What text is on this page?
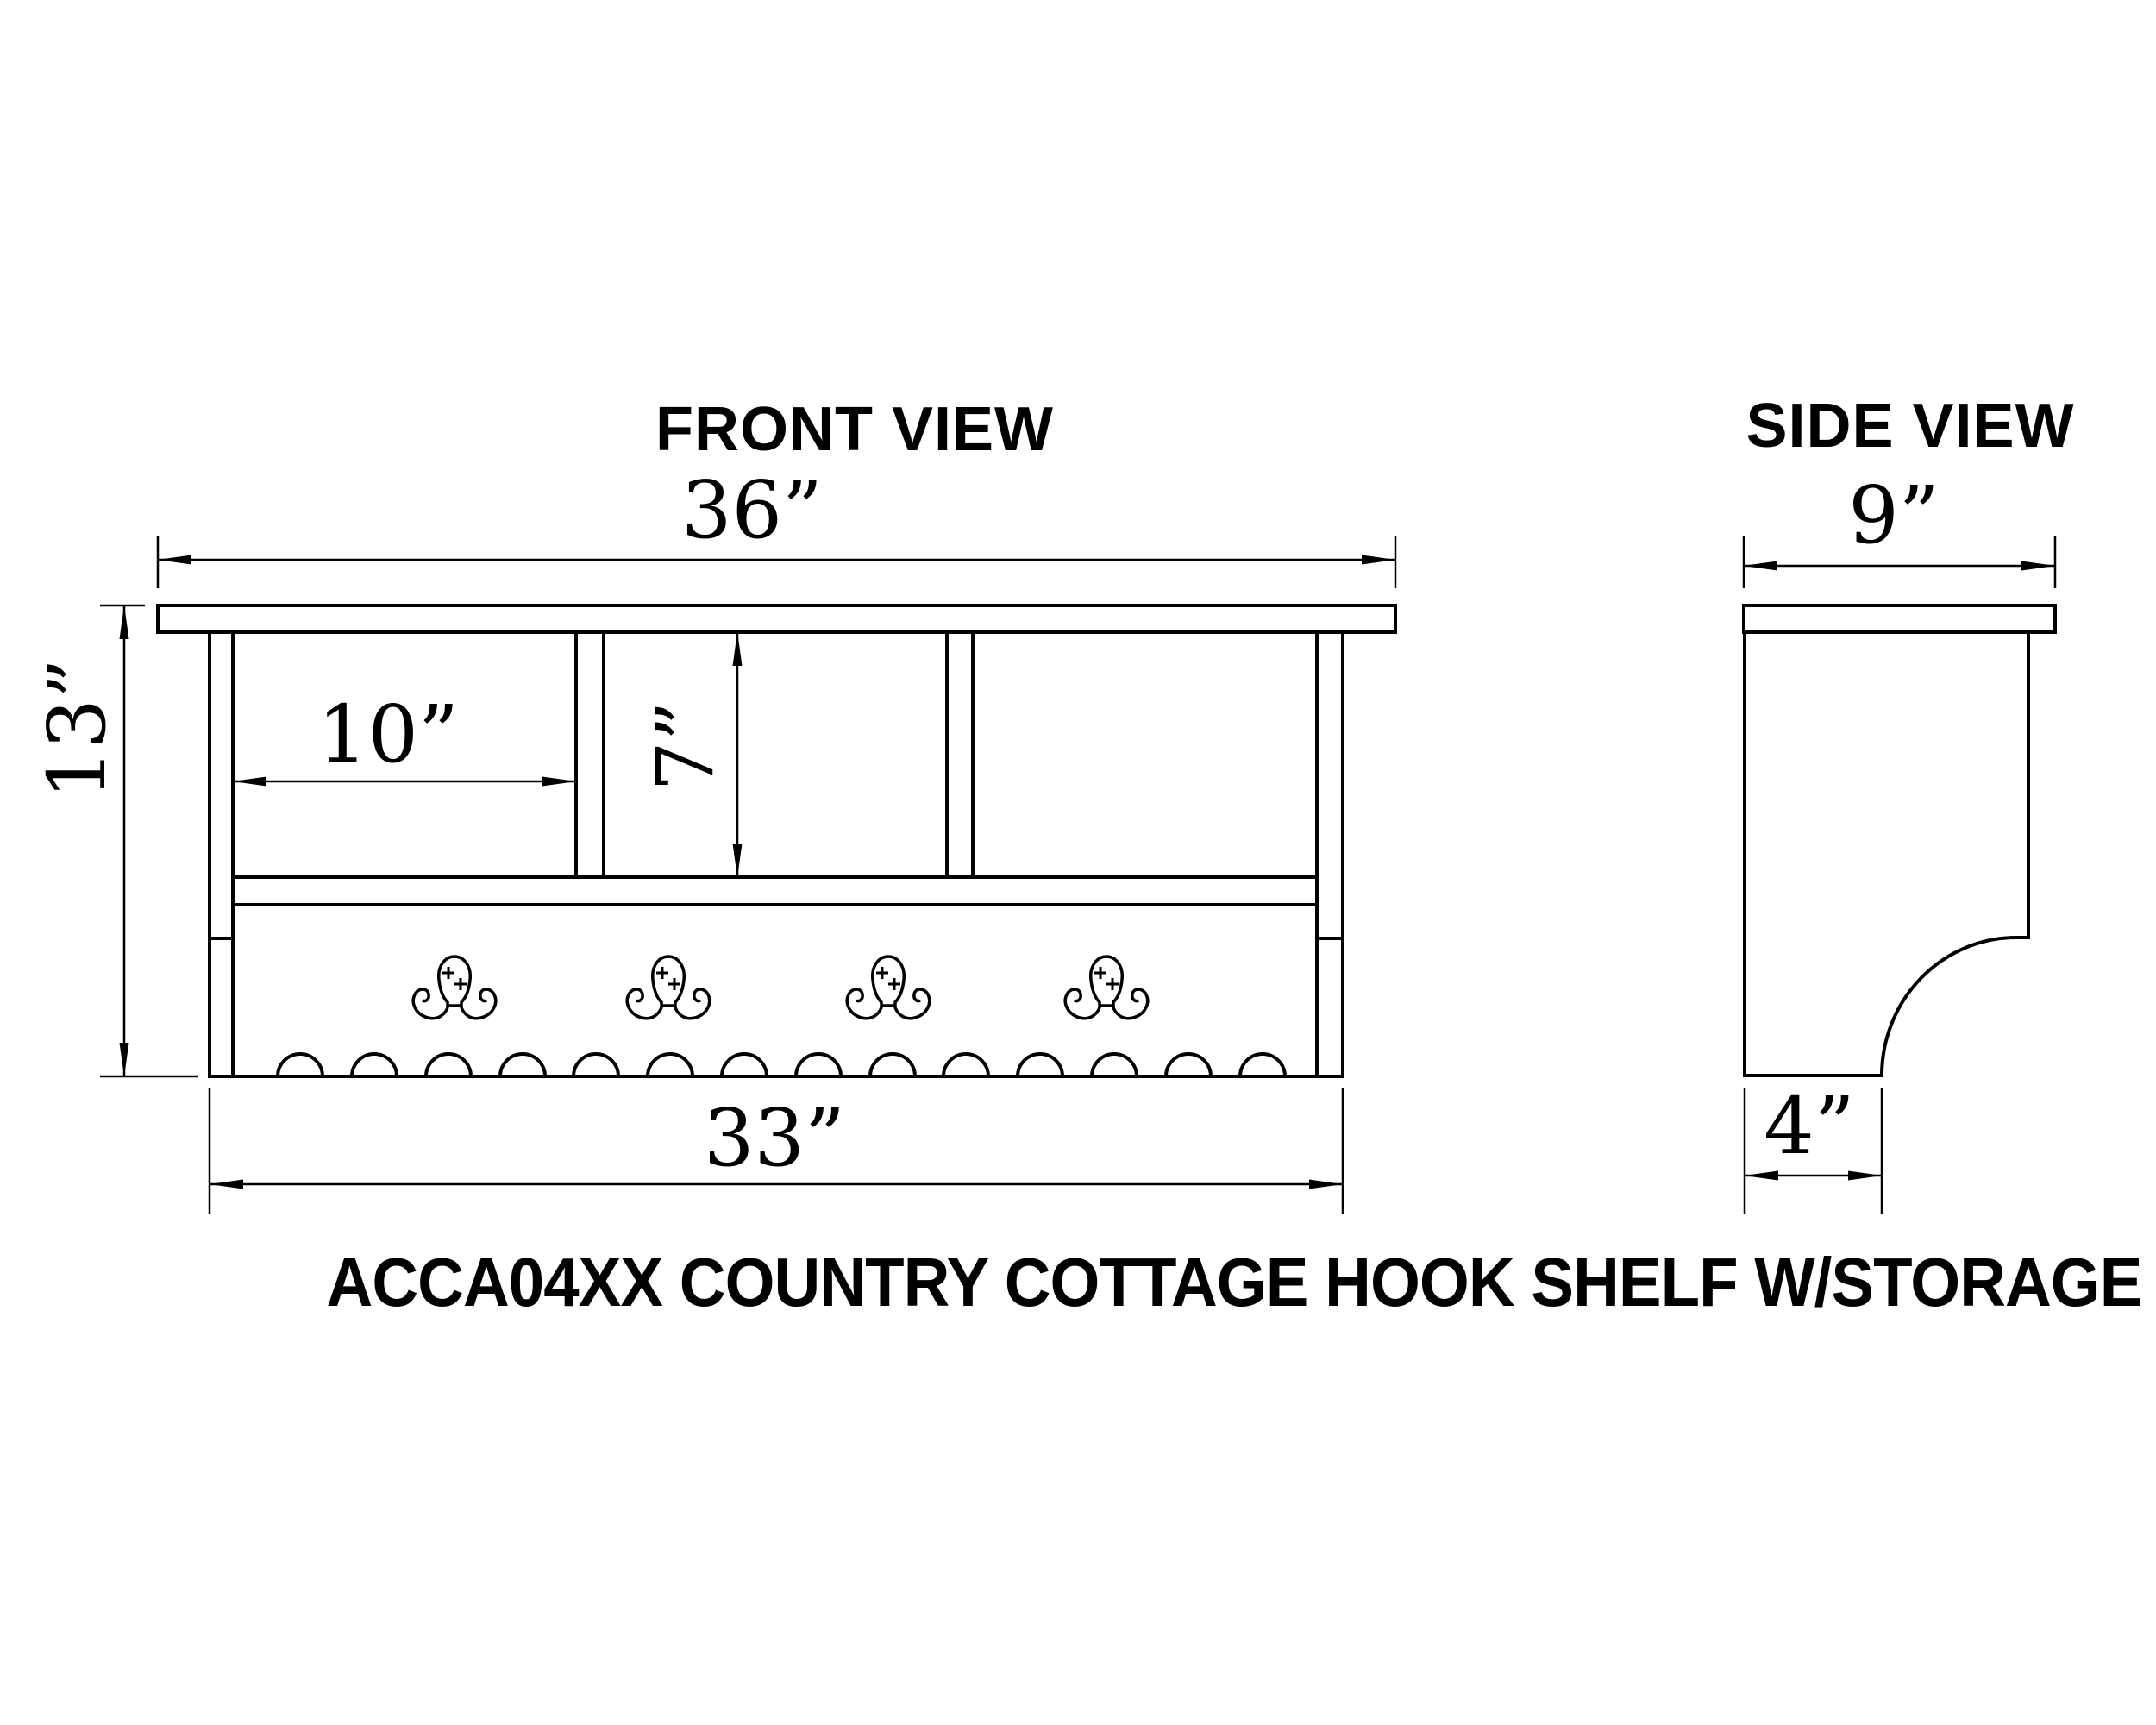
FRONT VIEW	SIDE VIEW
36”
13” 10” 7”
33”
9”
4”
ACCA04XX COUNTRY COTTAGE HOOK SHELF W/STORAGE
